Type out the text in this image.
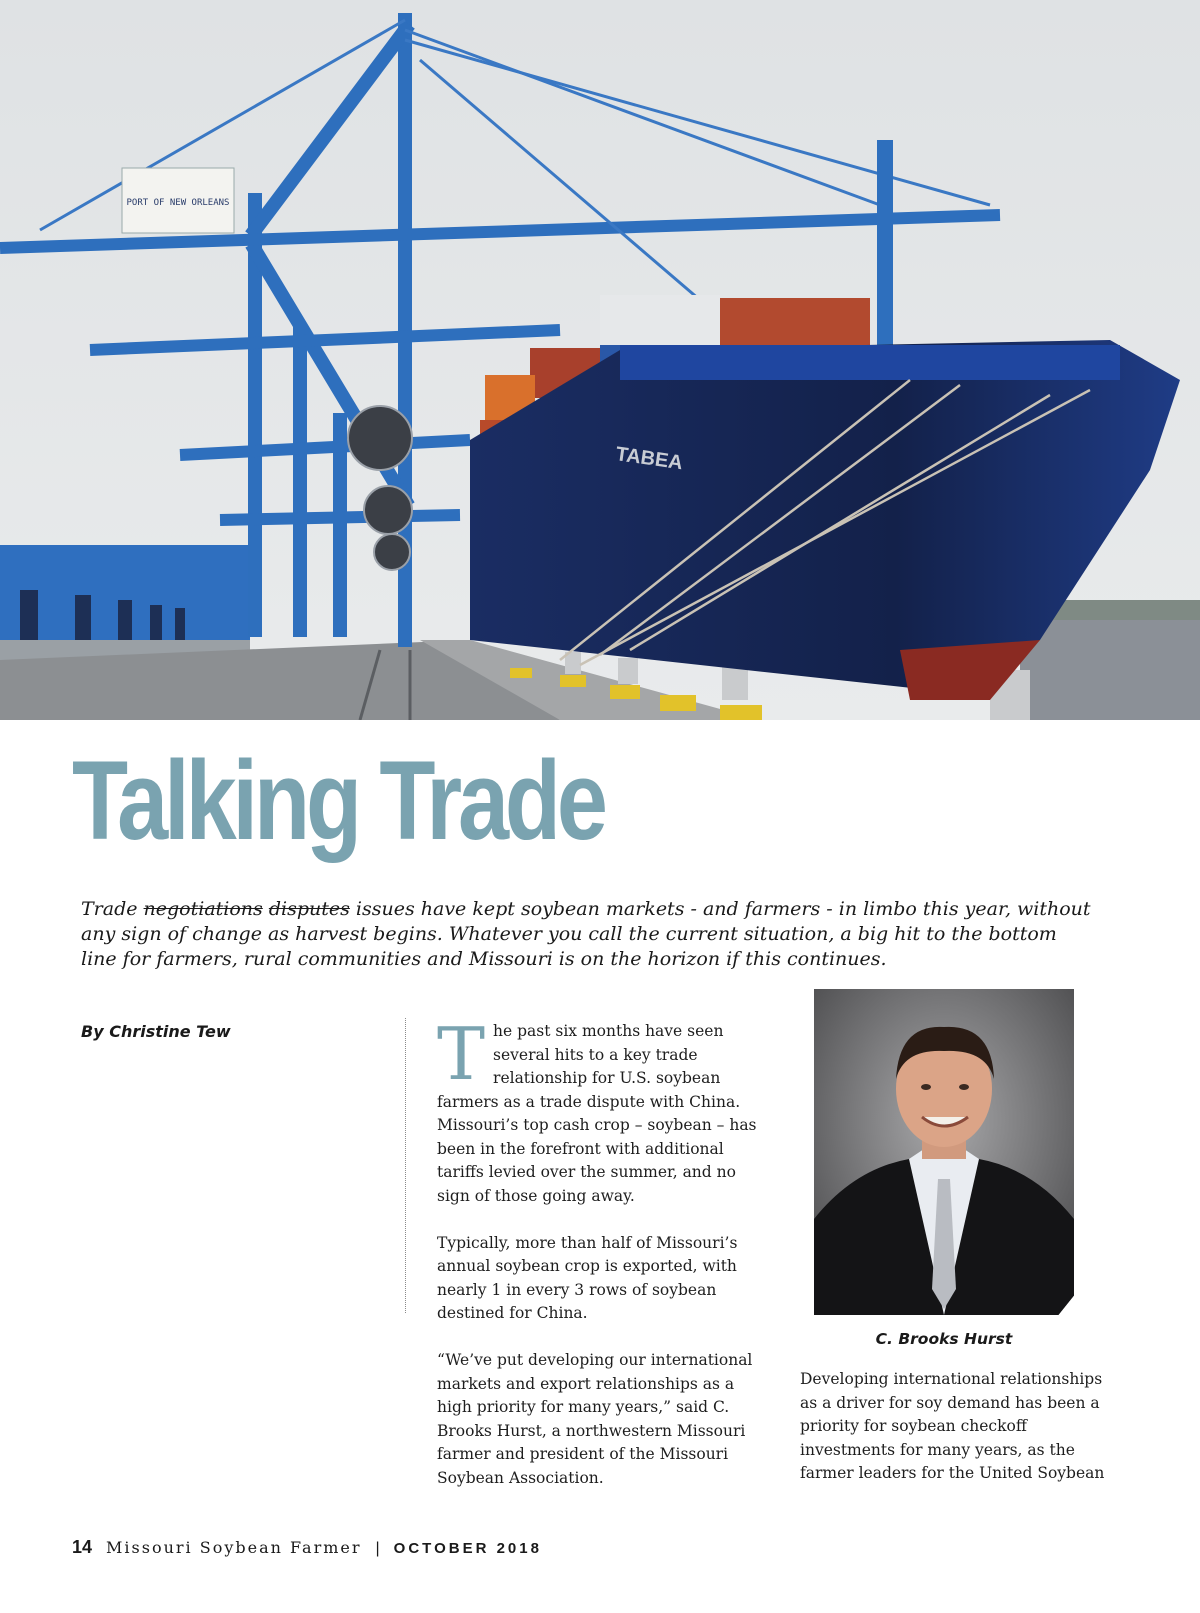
PORT OF NEW ORLEANS
TABEA
Talking Trade

Trade negotiations disputes issues have kept soybean markets - and farmers - in limbo this year, without any sign of change as harvest begins. Whatever you call the current situation, a big hit to the bottom line for farmers, rural communities and Missouri is on the horizon if this continues.

By Christine Tew	The past six months have seen several hits to a key trade relationship for U.S. soybean farmers as a trade dispute with China. Missouri’s top cash crop – soybean – has been in the forefront with additional tariffs levied over the summer, and no sign of those going away.

Typically, more than half of Missouri’s annual soybean crop is exported, with nearly 1 in every 3 rows of soybean destined for China.

“We’ve put developing our international markets and export relationships as a high priority for many years,” said C. Brooks Hurst, a northwestern Missouri farmer and president of the Missouri Soybean Association.

C. Brooks Hurst

Developing international relationships as a driver for soy demand has been a priority for soybean checkoff investments for many years, as the farmer leaders for the United Soybean

14 Missouri Soybean Farmer | OCTOBER 2018
